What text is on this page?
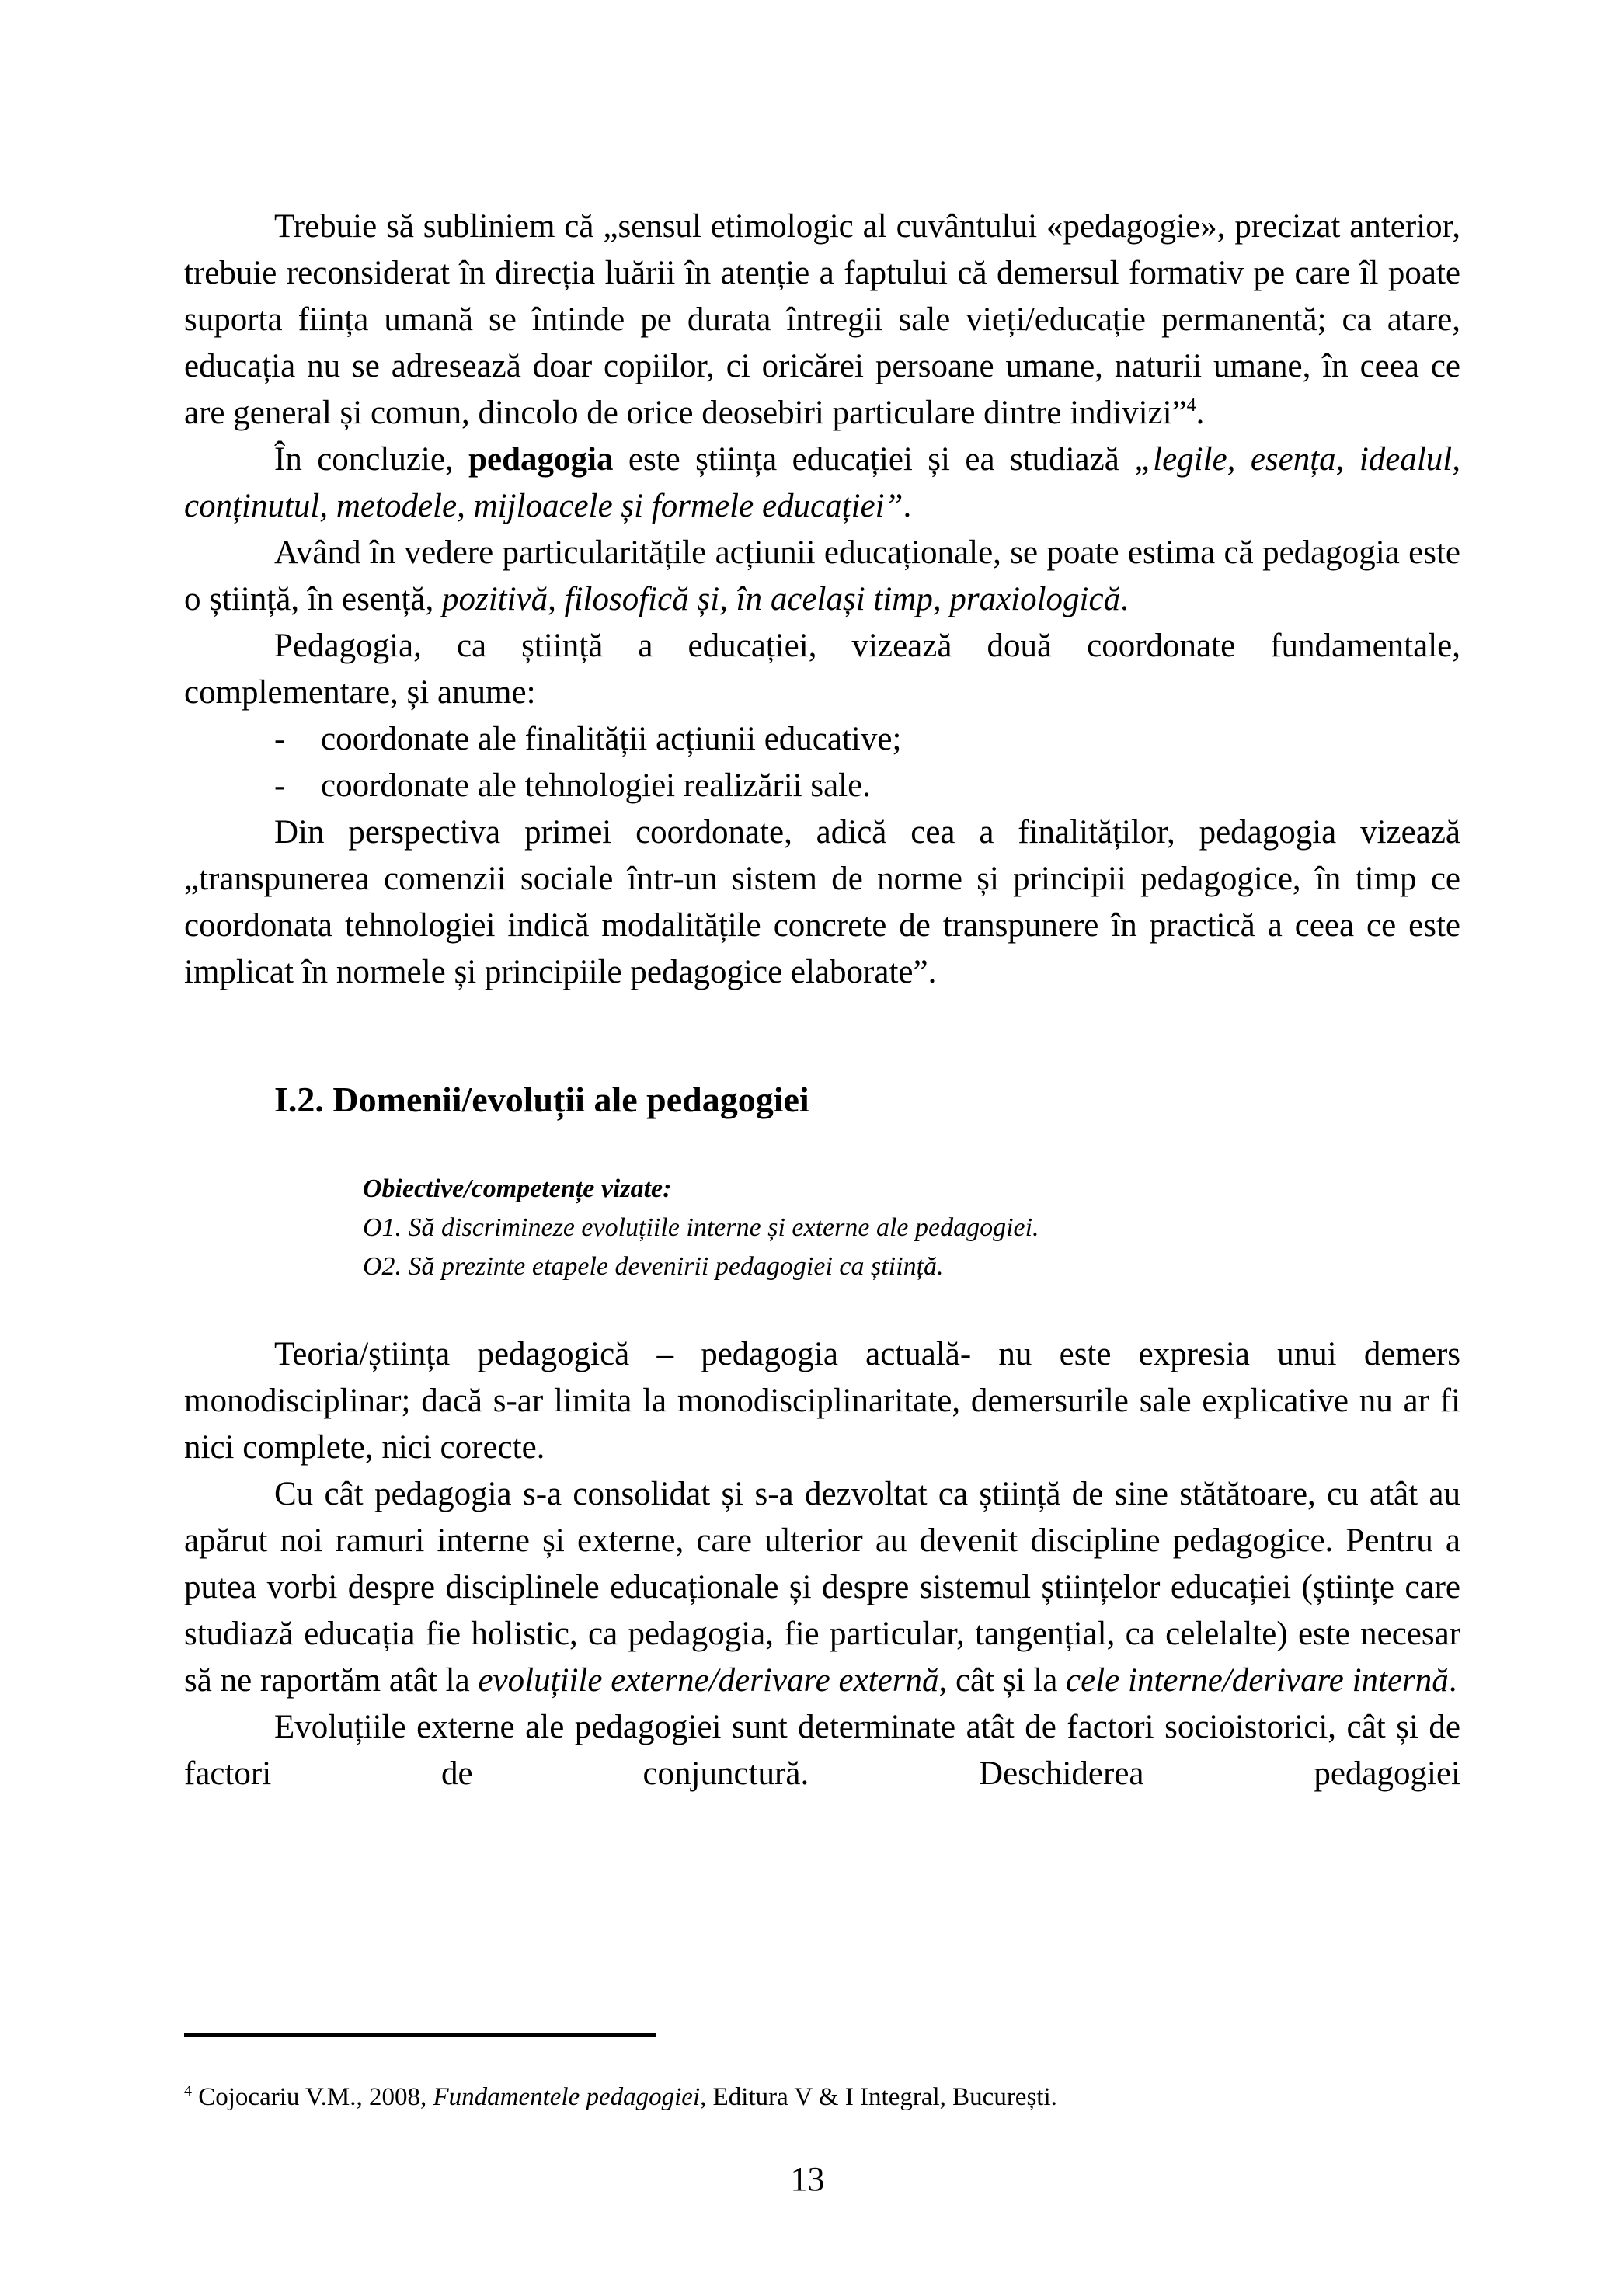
Trebuie să subliniem că „sensul etimologic al cuvântului «pedagogie», precizat anterior, trebuie reconsiderat în direcția luării în atenție a faptului că demersul formativ pe care îl poate suporta ființa umană se întinde pe durata întregii sale vieți/educație permanentă; ca atare, educația nu se adresează doar copiilor, ci oricărei persoane umane, naturii umane, în ceea ce are general și comun, dincolo de orice deosebiri particulare dintre indivizi”$^4$.

În concluzie, pedagogia este știința educației și ea studiază „legile, esența, idealul, conținutul, metodele, mijloacele și formele educației”.

Având în vedere particularitățile acțiunii educaționale, se poate estima că pedagogia este o știință, în esență, pozitivă, filosofică și, în același timp, praxiologică.

Pedagogia, ca știință a educației, vizează două coordonate fundamentale, complementare, și anume:

- coordonate ale finalității acțiunii educative;
- coordonate ale tehnologiei realizării sale.

Din perspectiva primei coordonate, adică cea a finalităților, pedagogia vizează „transpunerea comenzii sociale într-un sistem de norme și principii pedagogice, în timp ce coordonata tehnologiei indică modalitățile concrete de transpunere în practică a ceea ce este implicat în normele și principiile pedagogice elaborate”.

I.2. Domenii/evoluții ale pedagogiei
Obiective/competențe vizate:
O1. Să discrimineze evoluțiile interne și externe ale pedagogiei.
O2. Să prezinte etapele devenirii pedagogiei ca știință.

Teoria/știința pedagogică – pedagogia actuală- nu este expresia unui demers monodisciplinar; dacă s-ar limita la monodisciplinaritate, demersurile sale explicative nu ar fi nici complete, nici corecte.

Cu cât pedagogia s-a consolidat și s-a dezvoltat ca știință de sine stătătoare, cu atât au apărut noi ramuri interne și externe, care ulterior au devenit discipline pedagogice. Pentru a putea vorbi despre disciplinele educaționale și despre sistemul științelor educației (științe care studiază educația fie holistic, ca pedagogia, fie particular, tangențial, ca celelalte) este necesar să ne raportăm atât la evoluțiile externe/derivare externă, cât și la cele interne/derivare internă.

Evoluțiile externe ale pedagogiei sunt determinate atât de factori socioistorici, cât și de factori de conjunctură. Deschiderea pedagogiei

$^4$ Cojocariu V.M., 2008, Fundamentele pedagogiei, Editura V & I Integral, București.
13
